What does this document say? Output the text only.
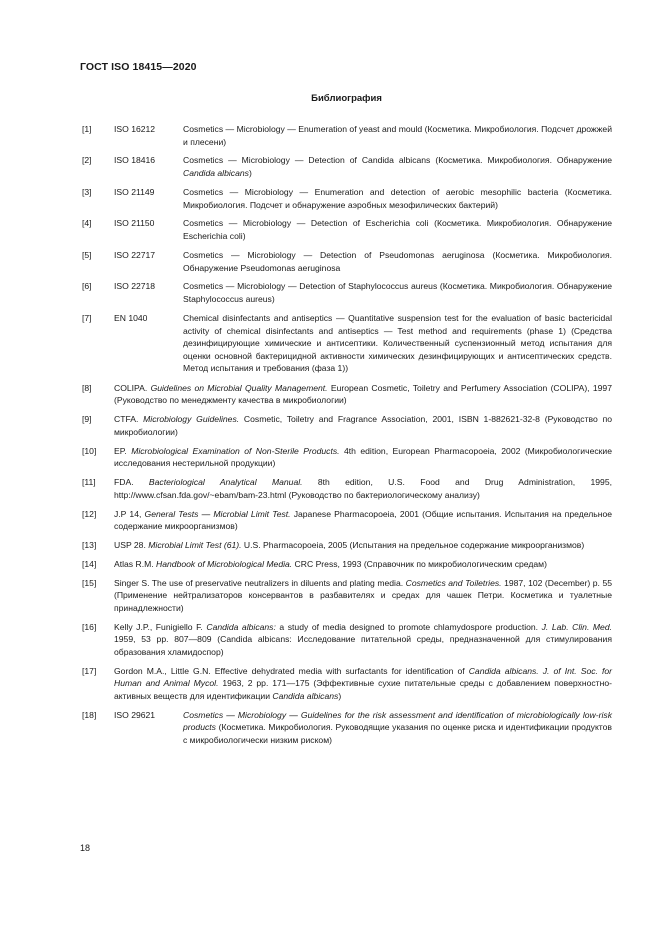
ГОСТ ISO 18415—2020
Библиография
[1]	ISO 16212	Cosmetics — Microbiology — Enumeration of yeast and mould (Косметика. Микробиология. Подсчет дрожжей и плесени)
[2]	ISO 18416	Cosmetics — Microbiology — Detection of Candida albicans (Косметика. Микробиология. Обнаружение Candida albicans)
[3]	ISO 21149	Cosmetics — Microbiology — Enumeration and detection of aerobic mesophilic bacteria (Косметика. Микробиология. Подсчет и обнаружение аэробных мезофилических бактерий)
[4]	ISO 21150	Cosmetics — Microbiology — Detection of Escherichia coli (Косметика. Микробиология. Обнаружение Escherichia coli)
[5]	ISO 22717	Cosmetics — Microbiology — Detection of Pseudomonas aeruginosa (Косметика. Микробиология. Обнаружение Pseudomonas aeruginosa
[6]	ISO 22718	Cosmetics — Microbiology — Detection of Staphylococcus aureus (Косметика. Микробиология. Обнаружение Staphylococcus aureus)
[7]	EN 1040	Chemical disinfectants and antiseptics — Quantitative suspension test for the evaluation of basic bactericidal activity of chemical disinfectants and antiseptics — Test method and requirements (phase 1) (Средства дезинфицирующие химические и антисептики. Количественный суспензионный метод испытания для оценки основной бактерицидной активности химических дезинфицирующих и антисептических средств. Метод испытания и требования (фаза 1))
[8]	COLIPA. Guidelines on Microbial Quality Management. European Cosmetic, Toiletry and Perfumery Association (COLIPA), 1997 (Руководство по менеджменту качества в микробиологии)
[9]	CTFA. Microbiology Guidelines. Cosmetic, Toiletry and Fragrance Association, 2001, ISBN 1-882621-32-8 (Руководство по микробиологии)
[10] EP. Microbiological Examination of Non-Sterile Products. 4th edition, European Pharmacopoeia, 2002 (Микробиологические исследования нестерильной продукции)
[11] FDA. Bacteriological Analytical Manual. 8th edition, U.S. Food and Drug Administration, 1995, http://www.cfsan.fda.gov/~ebam/bam-23.html (Руководство по бактериологическому анализу)
[12] J.P 14, General Tests — Microbial Limit Test. Japanese Pharmacopoeia, 2001 (Общие испытания. Испытания на предельное содержание микроорганизмов)
[13] USP 28. Microbial Limit Test (61). U.S. Pharmacopoeia, 2005 (Испытания на предельное содержание микроорганизмов)
[14] Atlas R.M. Handbook of Microbiological Media. CRC Press, 1993 (Справочник по микробиологическим средам)
[15] Singer S. The use of preservative neutralizers in diluents and plating media. Cosmetics and Toiletries. 1987, 102 (December) p. 55 (Применение нейтрализаторов консервантов в разбавителях и средах для чашек Петри. Косметика и туалетные принадлежности)
[16] Kelly J.P., Funigiello F. Candida albicans: a study of media designed to promote chlamydospore production. J. Lab. Clin. Med. 1959, 53 pp. 807—809 (Candida albicans: Исследование питательной среды, предназначенной для стимулирования образования хламидоспор)
[17] Gordon M.A., Little G.N. Effective dehydrated media with surfactants for identification of Candida albicans. J. of Int. Soc. for Human and Animal Mycol. 1963, 2 pp. 171—175 (Эффективные сухие питательные среды с добавлением поверхностно-активных веществ для идентификации Candida albicans)
[18] ISO 29621	Cosmetics — Microbiology — Guidelines for the risk assessment and identification of microbiologically low-risk products (Косметика. Микробиология. Руководящие указания по оценке риска и идентификации продуктов с микробиологически низким риском)
18
